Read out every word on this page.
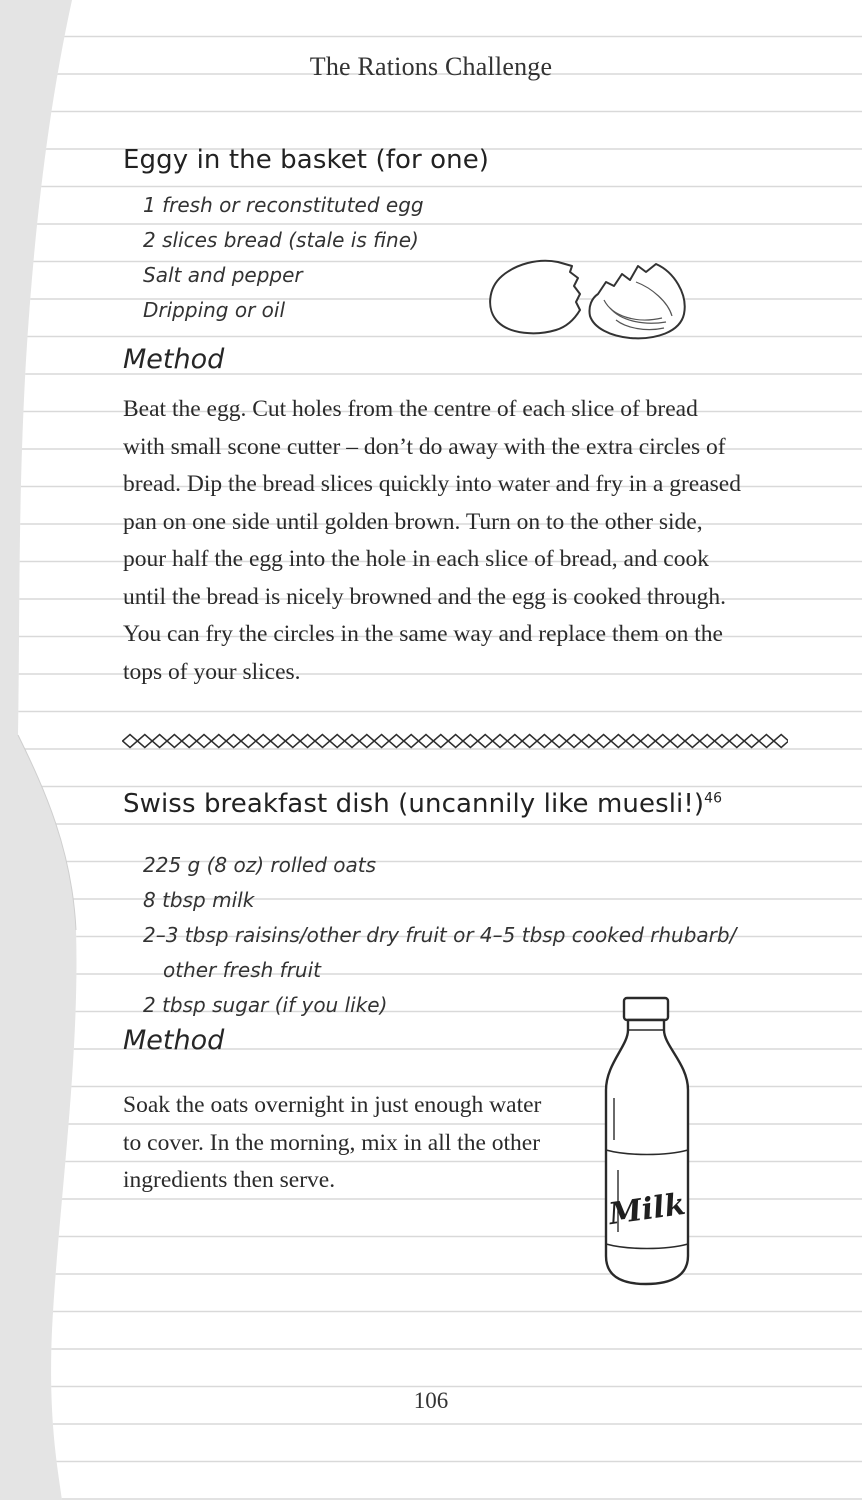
The Rations Challenge
Eggy in the basket (for one)
1 fresh or reconstituted egg
2 slices bread (stale is fine)
Salt and pepper
Dripping or oil
Method
Beat the egg. Cut holes from the centre of each slice of bread
with small scone cutter – don’t do away with the extra circles of
bread. Dip the bread slices quickly into water and fry in a greased
pan on one side until golden brown. Turn on to the other side,
pour half the egg into the hole in each slice of bread, and cook
until the bread is nicely browned and the egg is cooked through.
You can fry the circles in the same way and replace them on the
tops of your slices.
Swiss breakfast dish (uncannily like muesli!)$^{46}$
225 g (8 oz) rolled oats
8 tbsp milk
2–3 tbsp raisins/other dry fruit or 4–5 tbsp cooked rhubarb/
other fresh fruit
2 tbsp sugar (if you like)
Method
Soak the oats overnight in just enough water
to cover. In the morning, mix in all the other
ingredients then serve.
Milk
106
